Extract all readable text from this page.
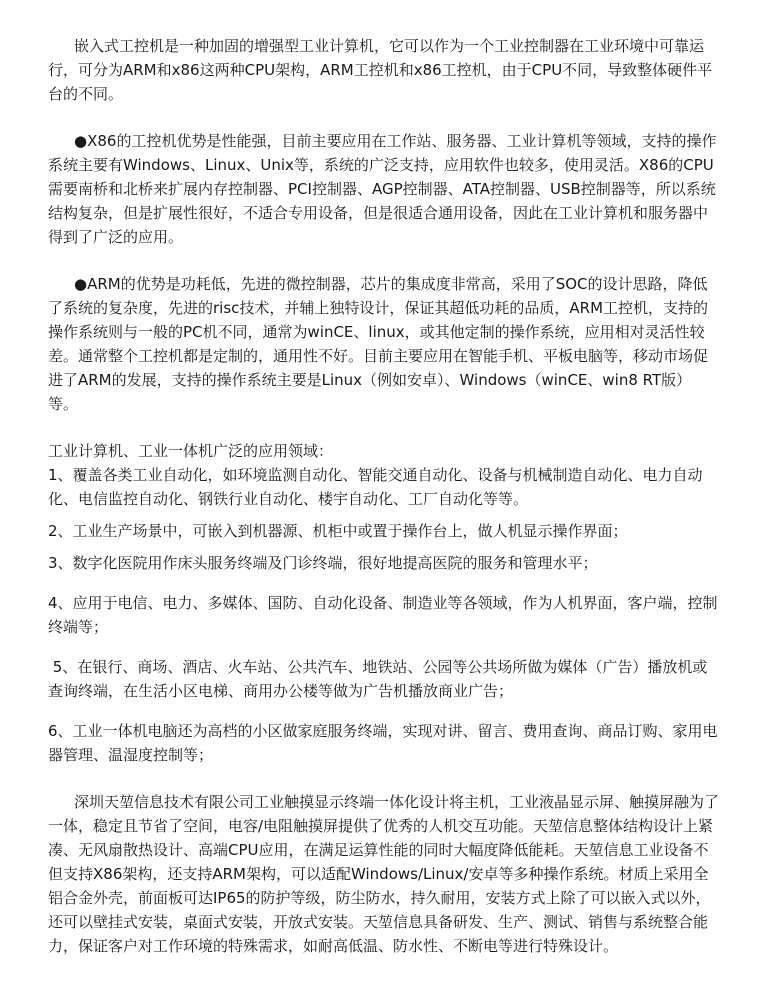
嵌入式工控机是一种加固的增强型工业计算机，它可以作为一个工业控制器在工业环境中可靠运行，可分为ARM和x86这两种CPU架构，ARM工控机和x86工控机，由于CPU不同，导致整体硬件平台的不同。

●X86的工控机优势是性能强，目前主要应用在工作站、服务器、工业计算机等领域，支持的操作系统主要有Windows、Linux、Unix等，系统的广泛支持，应用软件也较多，使用灵活。X86的CPU需要南桥和北桥来扩展内存控制器、PCI控制器、AGP控制器、ATA控制器、USB控制器等，所以系统结构复杂，但是扩展性很好，不适合专用设备，但是很适合通用设备，因此在工业计算机和服务器中得到了广泛的应用。

●ARM的优势是功耗低，先进的微控制器，芯片的集成度非常高，采用了SOC的设计思路，降低了系统的复杂度，先进的risc技术，并辅上独特设计，保证其超低功耗的品质，ARM工控机，支持的操作系统则与一般的PC机不同，通常为winCE、linux，或其他定制的操作系统，应用相对灵活性较差。通常整个工控机都是定制的，通用性不好。目前主要应用在智能手机、平板电脑等，移动市场促进了ARM的发展，支持的操作系统主要是Linux（例如安卓）、Windows（winCE、win8 RT版）等。

工业计算机、工业一体机广泛的应用领域：

1、覆盖各类工业自动化，如环境监测自动化、智能交通自动化、设备与机械制造自动化、电力自动化、电信监控自动化、钢铁行业自动化、楼宇自动化、工厂自动化等等。

2、工业生产场景中，可嵌入到机器源、机柜中或置于操作台上，做人机显示操作界面；

3、数字化医院用作床头服务终端及门诊终端，很好地提高医院的服务和管理水平；

4、应用于电信、电力、多媒体、国防、自动化设备、制造业等各领域，作为人机界面，客户端，控制终端等；

5、在银行、商场、酒店、火车站、公共汽车、地铁站、公园等公共场所做为媒体（广告）播放机或查询终端，在生活小区电梯、商用办公楼等做为广告机播放商业广告；

6、工业一体机电脑还为高档的小区做家庭服务终端，实现对讲、留言、费用查询、商品订购、家用电器管理、温湿度控制等；

深圳天堃信息技术有限公司工业触摸显示终端一体化设计将主机，工业液晶显示屏、触摸屏融为了一体，稳定且节省了空间，电容/电阻触摸屏提供了优秀的人机交互功能。天堃信息整体结构设计上紧凑、无风扇散热设计、高端CPU应用，在满足运算性能的同时大幅度降低能耗。天堃信息工业设备不但支持X86架构，还支持ARM架构，可以适配Windows/Linux/安卓等多种操作系统。材质上采用全铝合金外壳，前面板可达IP65的防护等级，防尘防水，持久耐用，安装方式上除了可以嵌入式以外，还可以壁挂式安装，桌面式安装，开放式安装。天堃信息具备研发、生产、测试、销售与系统整合能力，保证客户对工作环境的特殊需求，如耐高低温、防水性、不断电等进行特殊设计。
